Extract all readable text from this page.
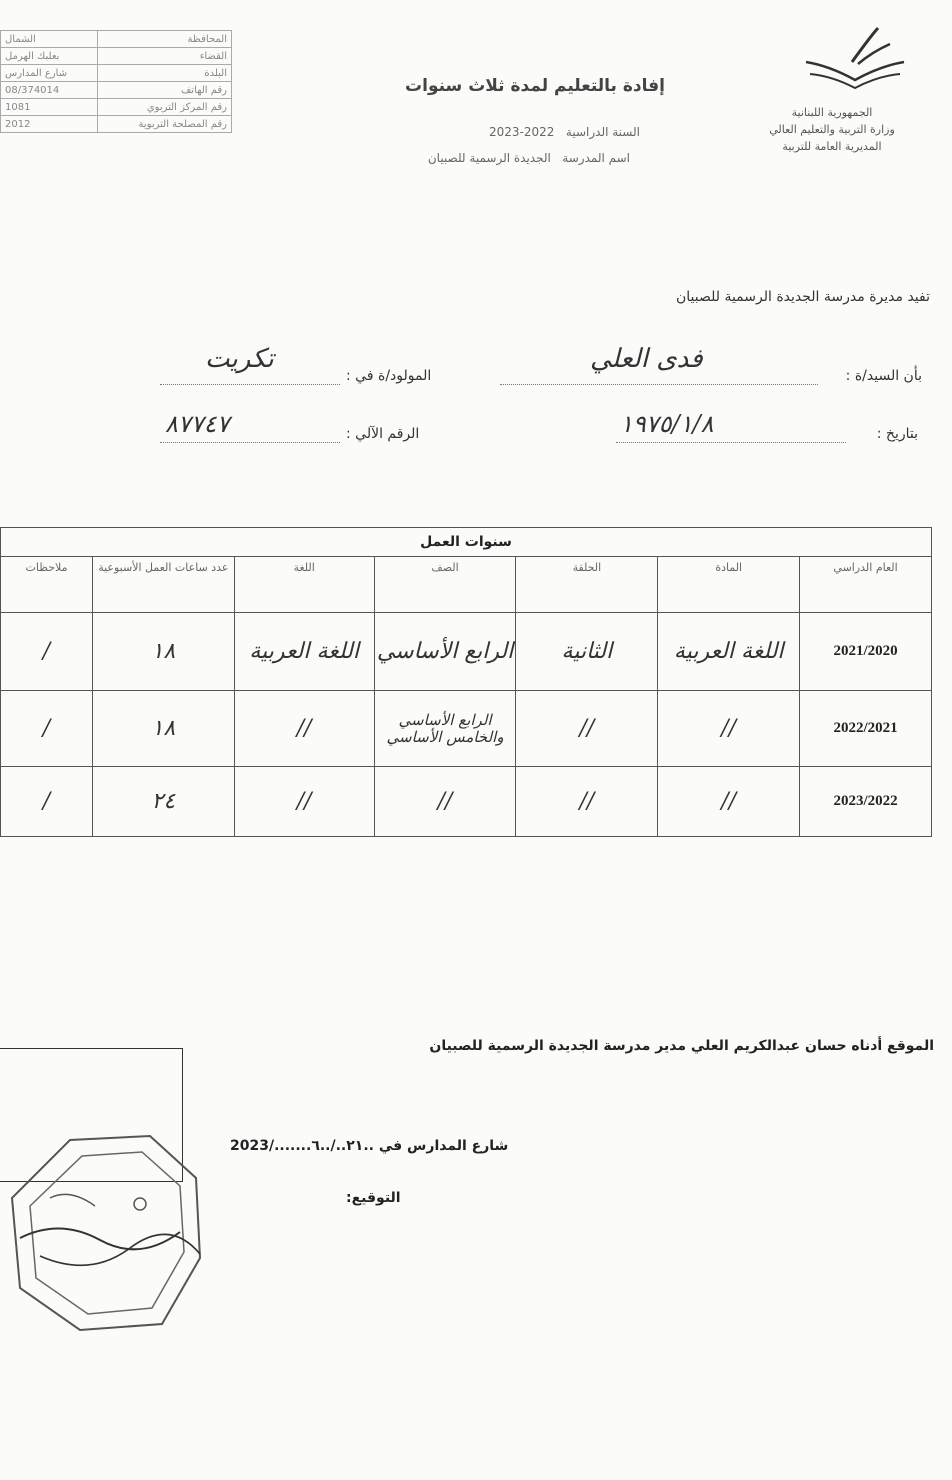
الشمال	المحافظة
بعلبك الهرمل	القضاء
شارع المدارس	البلدة
08/374014	رقم الهاتف
1081	رقم المركز التربوي
2012	رقم المصلحة التربوية
الجمهورية اللبنانية
وزارة التربية والتعليم العالي
المديرية العامة للتربية
إفادة بالتعليم لمدة ثلاث سنوات
السنة الدراسية   2022-2023
اسم المدرسة   الجديدة الرسمية للصبيان
تفيد مديرة مدرسة الجديدة الرسمية للصبيان
بأن السيد/ة :
فدى العلي
المولود/ة في :
تكريت
بتاريخ :
١٩٧٥/١/٨
الرقم الآلي :
٨٧٧٤٧
سنوات العمل						
العام الدراسي	المادة	الحلقة	الصف	اللغة	عدد ساعات العمل الأسبوعية	ملاحظات
2021/2020	اللغة العربية	الثانية	الرابع الأساسي	اللغة العربية	١٨	/
2022/2021	//	//	الرابع الأساسي والخامس الأساسي	//	١٨	/
2023/2022	//	//	//	//	٢٤	/
الموقع أدناه حسان عبدالكريم العلي مدير مدرسة الجديدة الرسمية للصبيان
شارع المدارس في ..٢١../..٦......./2023
التوقيع:
